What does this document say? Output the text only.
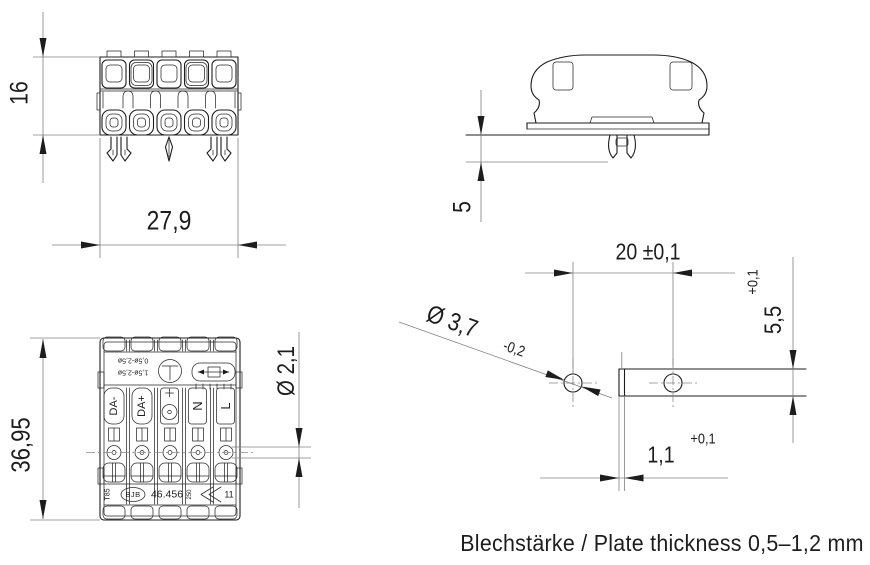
DA- DA+	N L
0,5ø-2,5ø
1,5ø-2,5ø
T85 BJB 46.456 250	11
16
27,9	5
36,95
Ø 2,1
20 ±0,1
5,5
+0,1
Ø 3,7
-0,2
1,1
+0,1
Blechstärke / Plate thickness 0,5–1,2 mm
